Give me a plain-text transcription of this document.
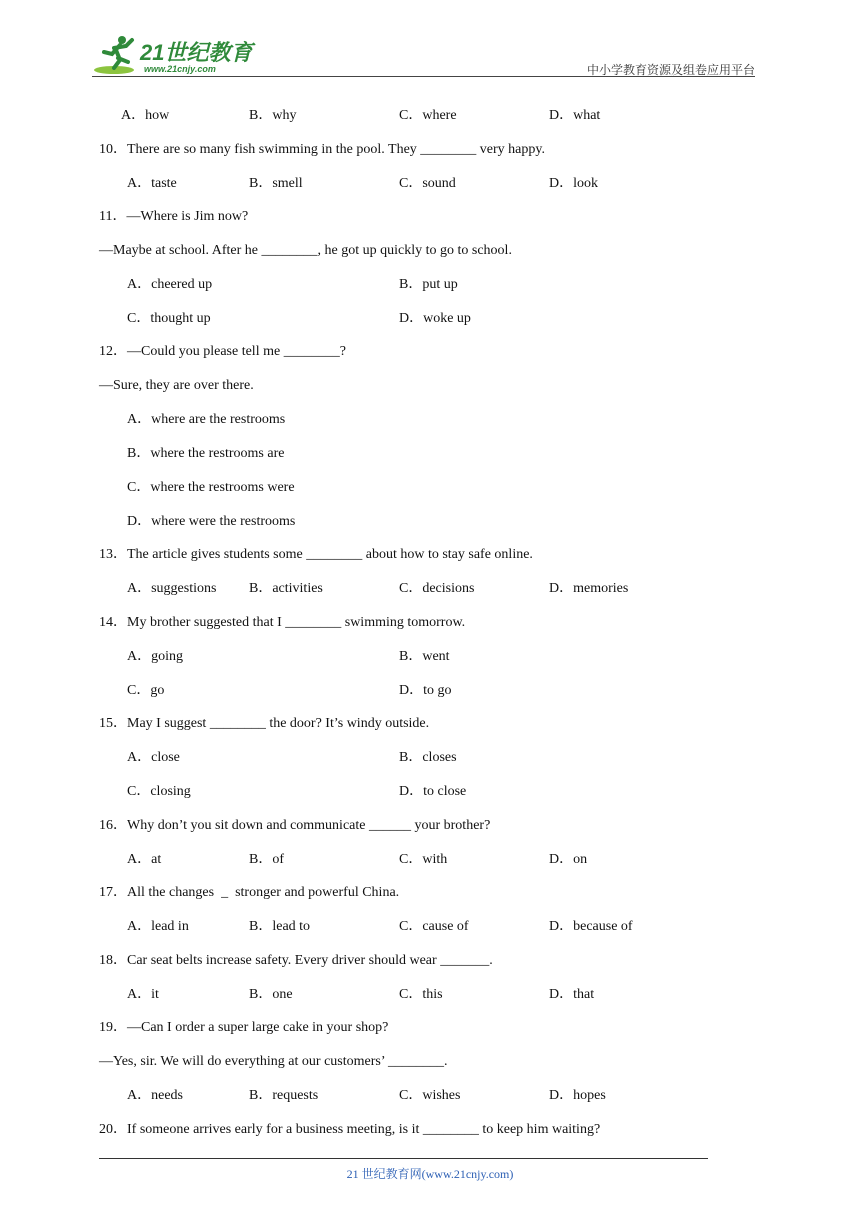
21世纪教育
www.21cnjy.com	中小学教育资源及组卷应用平台
A．how	B．why	C．where	D．what
10．There are so many fish swimming in the pool. They ________ very happy.
A．taste	B．smell	C．sound	D．look
11．—Where is Jim now?
—Maybe at school. After he ________, he got up quickly to go to school.
A．cheered up	B．put up
C．thought up	D．woke up
12．—Could you please tell me ________?
—Sure, they are over there.
A．where are the restrooms
B．where the restrooms are
C．where the restrooms were
D．where were the restrooms
13．The article gives students some ________ about how to stay safe online.
A．suggestions B．activities	C．decisions	D．memories
14．My brother suggested that I ________ swimming tomorrow.
A．going	B．went
C．go	D．to go
15．May I suggest ________ the door? It’s windy outside.
A．close	B．closes
C．closing	D．to close
16．Why don’t you sit down and communicate ______ your brother?
A．at	B．of	C．with	D．on
17．All the changes  _  stronger and powerful China.
A．lead in	B．lead to	C．cause of	D．because of
18．Car seat belts increase safety. Every driver should wear _______.
A．it	B．one	C．this	D．that
19．—Can I order a super large cake in your shop?
—Yes, sir. We will do everything at our customers’ ________.
A．needs	B．requests	C．wishes	D．hopes
20．If someone arrives early for a business meeting, is it ________ to keep him waiting?
21 世纪教育网(www.21cnjy.com)
